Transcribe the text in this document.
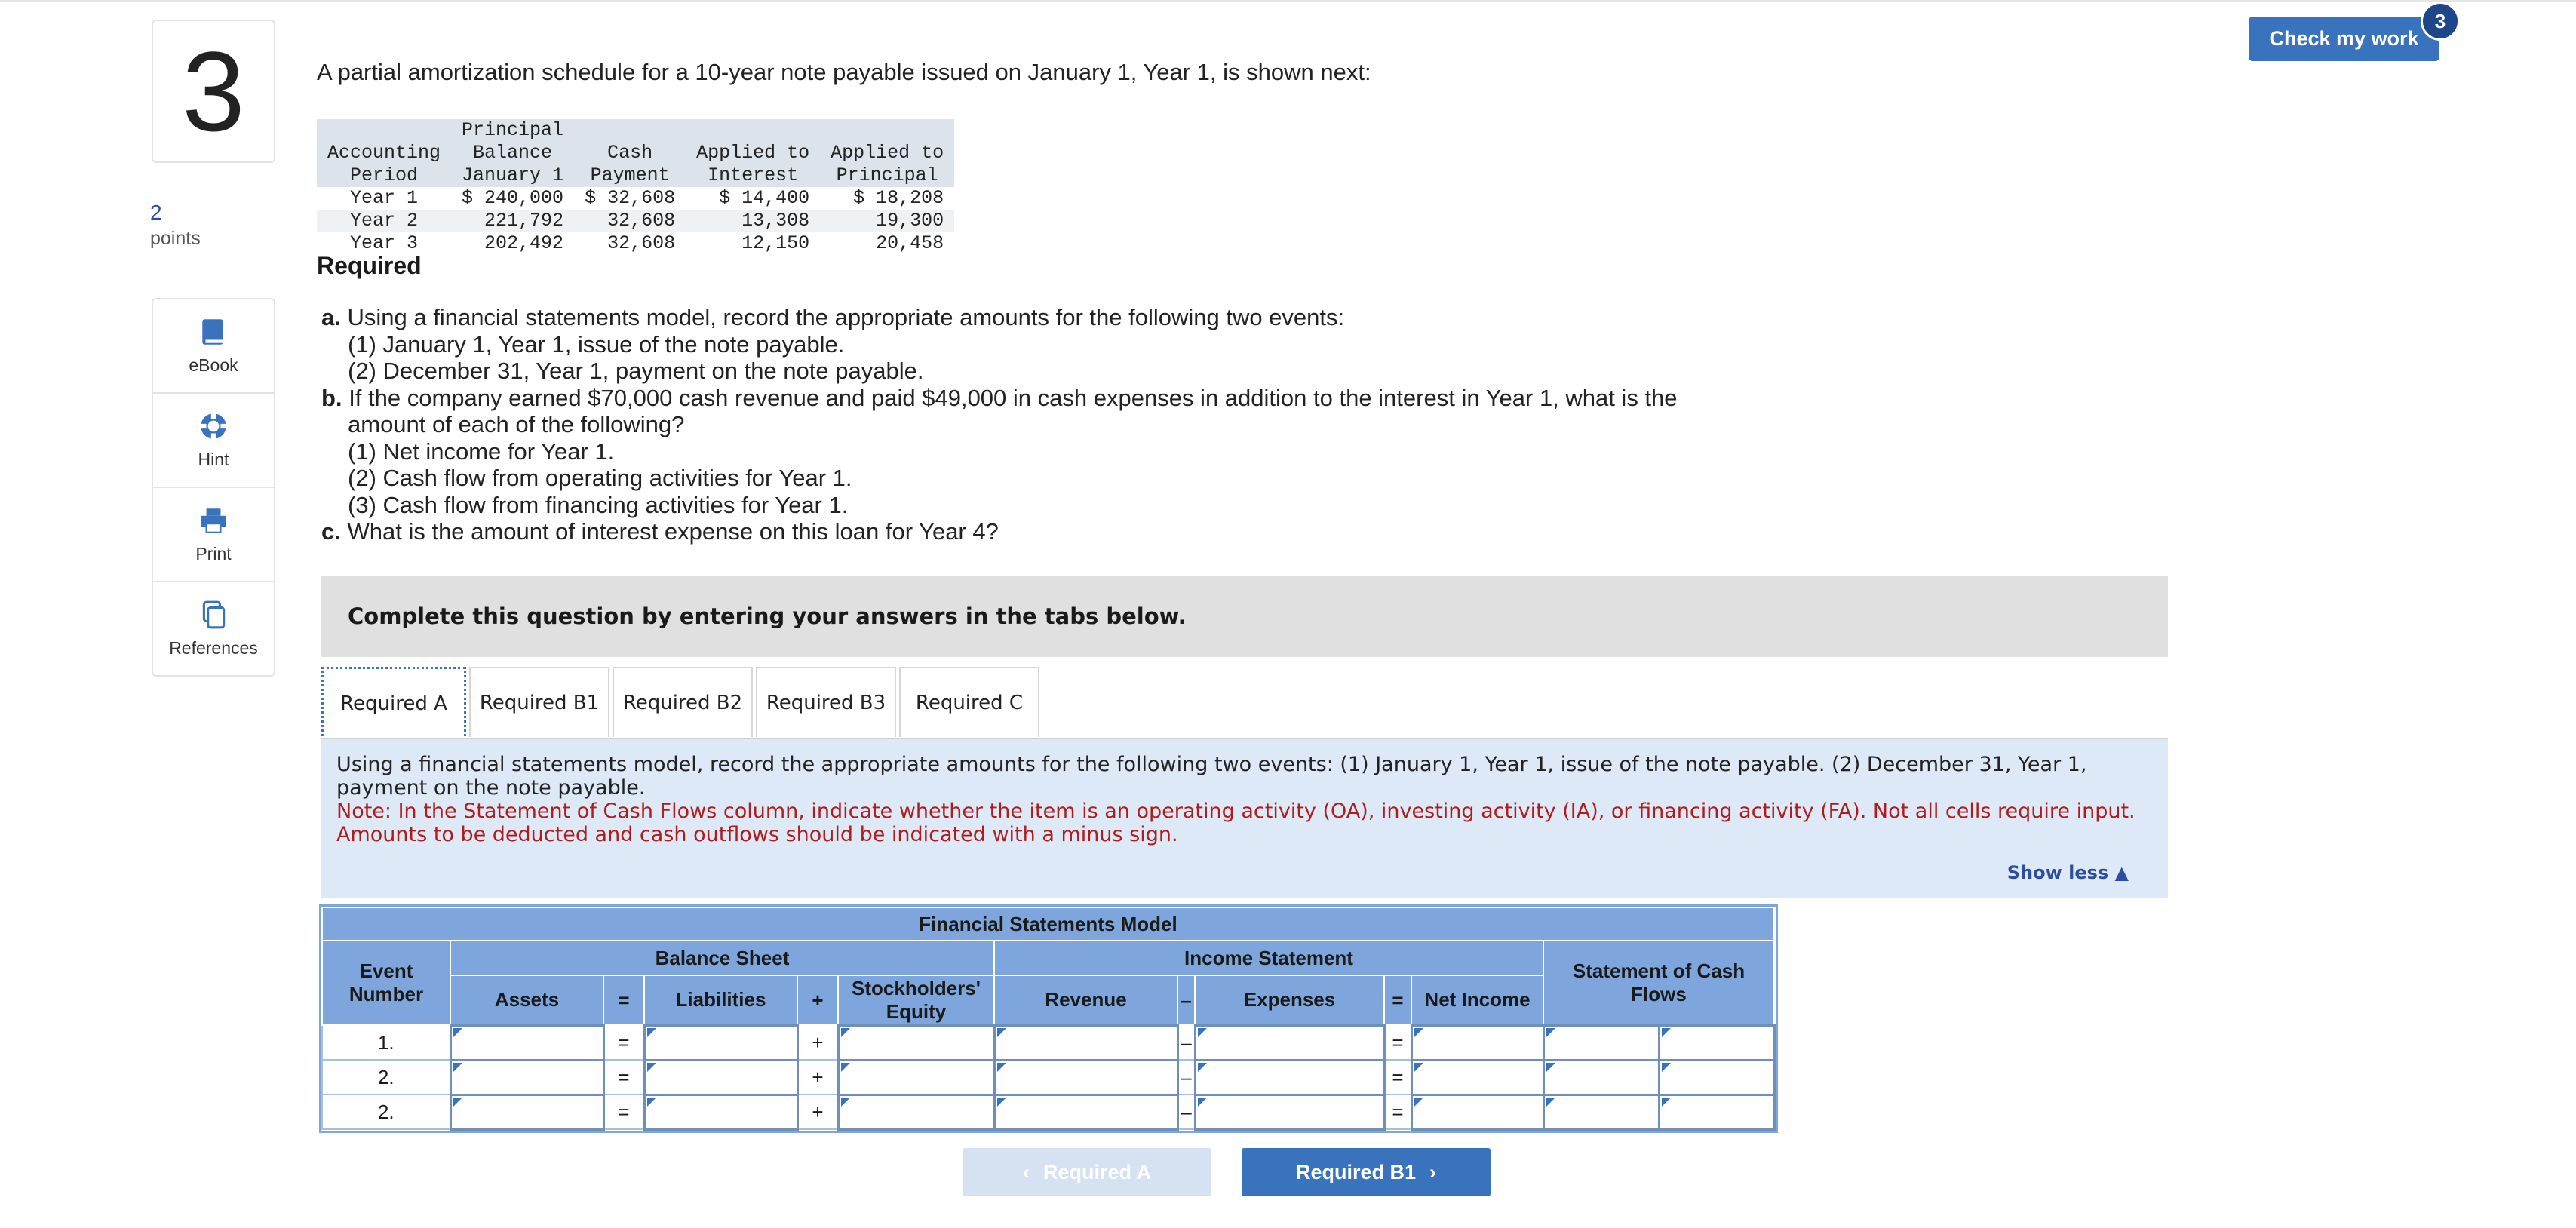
3
2
points
eBook
Hint
Print
References
Check my work
3
A partial amortization schedule for a 10-year note payable issued on January 1, Year 1, is shown next:
	Principal			
Accounting	Balance	Cash	Applied to	Applied to
Period	January 1	Payment	Interest	Principal
Year 1	$ 240,000	$ 32,608	$ 14,400	$ 18,208
Year 2	221,792	32,608	13,308	19,300
Year 3	202,492	32,608	12,150	20,458
Required
a. Using a financial statements model, record the appropriate amounts for the following two events:
(1) January 1, Year 1, issue of the note payable.
(2) December 31, Year 1, payment on the note payable.
b. If the company earned $70,000 cash revenue and paid $49,000 in cash expenses in addition to the interest in Year 1, what is the
amount of each of the following?
(1) Net income for Year 1.
(2) Cash flow from operating activities for Year 1.
(3) Cash flow from financing activities for Year 1.
c. What is the amount of interest expense on this loan for Year 4?
Complete this question by entering your answers in the tabs below.
Required A	Required B1	Required B2	Required B3	Required C
Using a financial statements model, record the appropriate amounts for the following two events: (1) January 1, Year 1, issue of the note payable. (2) December 31, Year 1, payment on the note payable.
Note: In the Statement of Cash Flows column, indicate whether the item is an operating activity (OA), investing activity (IA), or financing activity (FA). Not all cells require input. Amounts to be deducted and cash outflows should be indicated with a minus sign.
Show less ▲
Financial Statements Model												
Event Number	Balance Sheet					Income Statement					Statement of Cash Flows	
	Assets	=	Liabilities	+	Stockholders' Equity	Revenue	–	Expenses	=	Net Income		
1.		=		+			–		=			
2.		=		+			–		=			
2.		=		+			–		=			
‹ Required A	Required B1 ›
